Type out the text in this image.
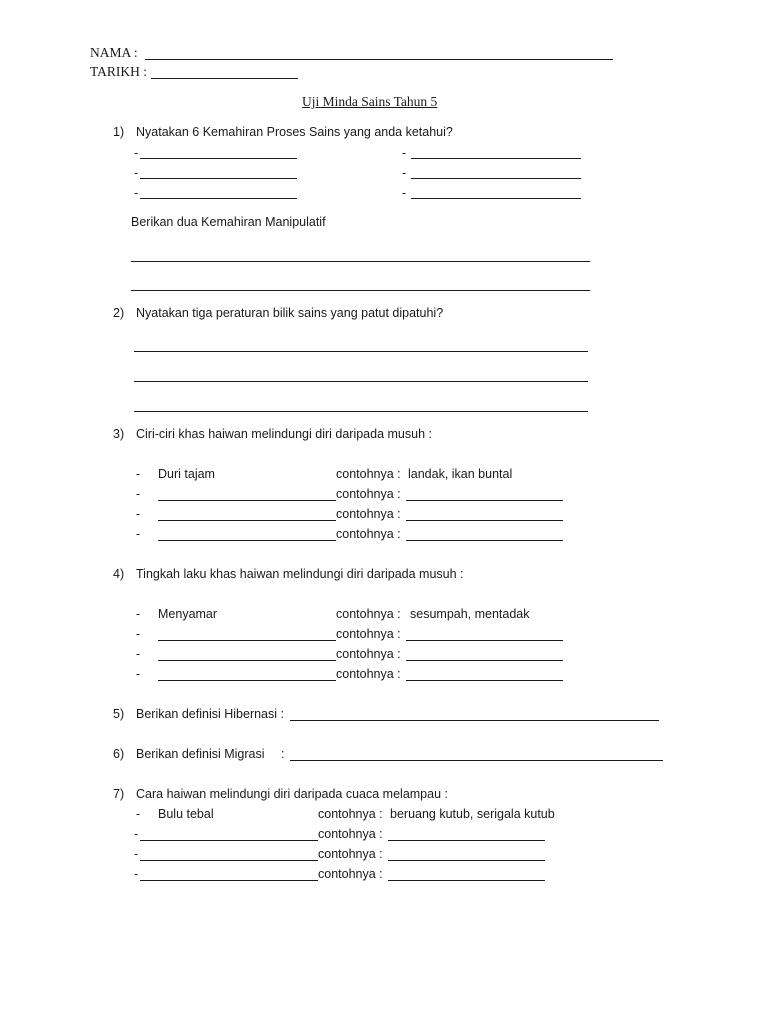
NAMA :
TARIKH :
Uji Minda Sains Tahun 5
1) Nyatakan 6 Kemahiran Proses Sains yang anda ketahui?
-	-
-	-
-	-
Berikan dua Kemahiran Manipulatif
2) Nyatakan tiga peraturan bilik sains yang patut dipatuhi?
3) Ciri-ciri khas haiwan melindungi diri daripada musuh :
- Duri tajam	contohnya : landak, ikan buntal
-	contohnya :
-	contohnya :
-	contohnya :
4) Tingkah laku khas haiwan melindungi diri daripada musuh :
- Menyamar	contohnya : sesumpah, mentadak
-	contohnya :
-	contohnya :
-	contohnya :
5) Berikan definisi Hibernasi :
6) Berikan definisi Migrasi :
7) Cara haiwan melindungi diri daripada cuaca melampau :
- Bulu tebal	contohnya : beruang kutub, serigala kutub
-	contohnya :
-	contohnya :
-	contohnya :
